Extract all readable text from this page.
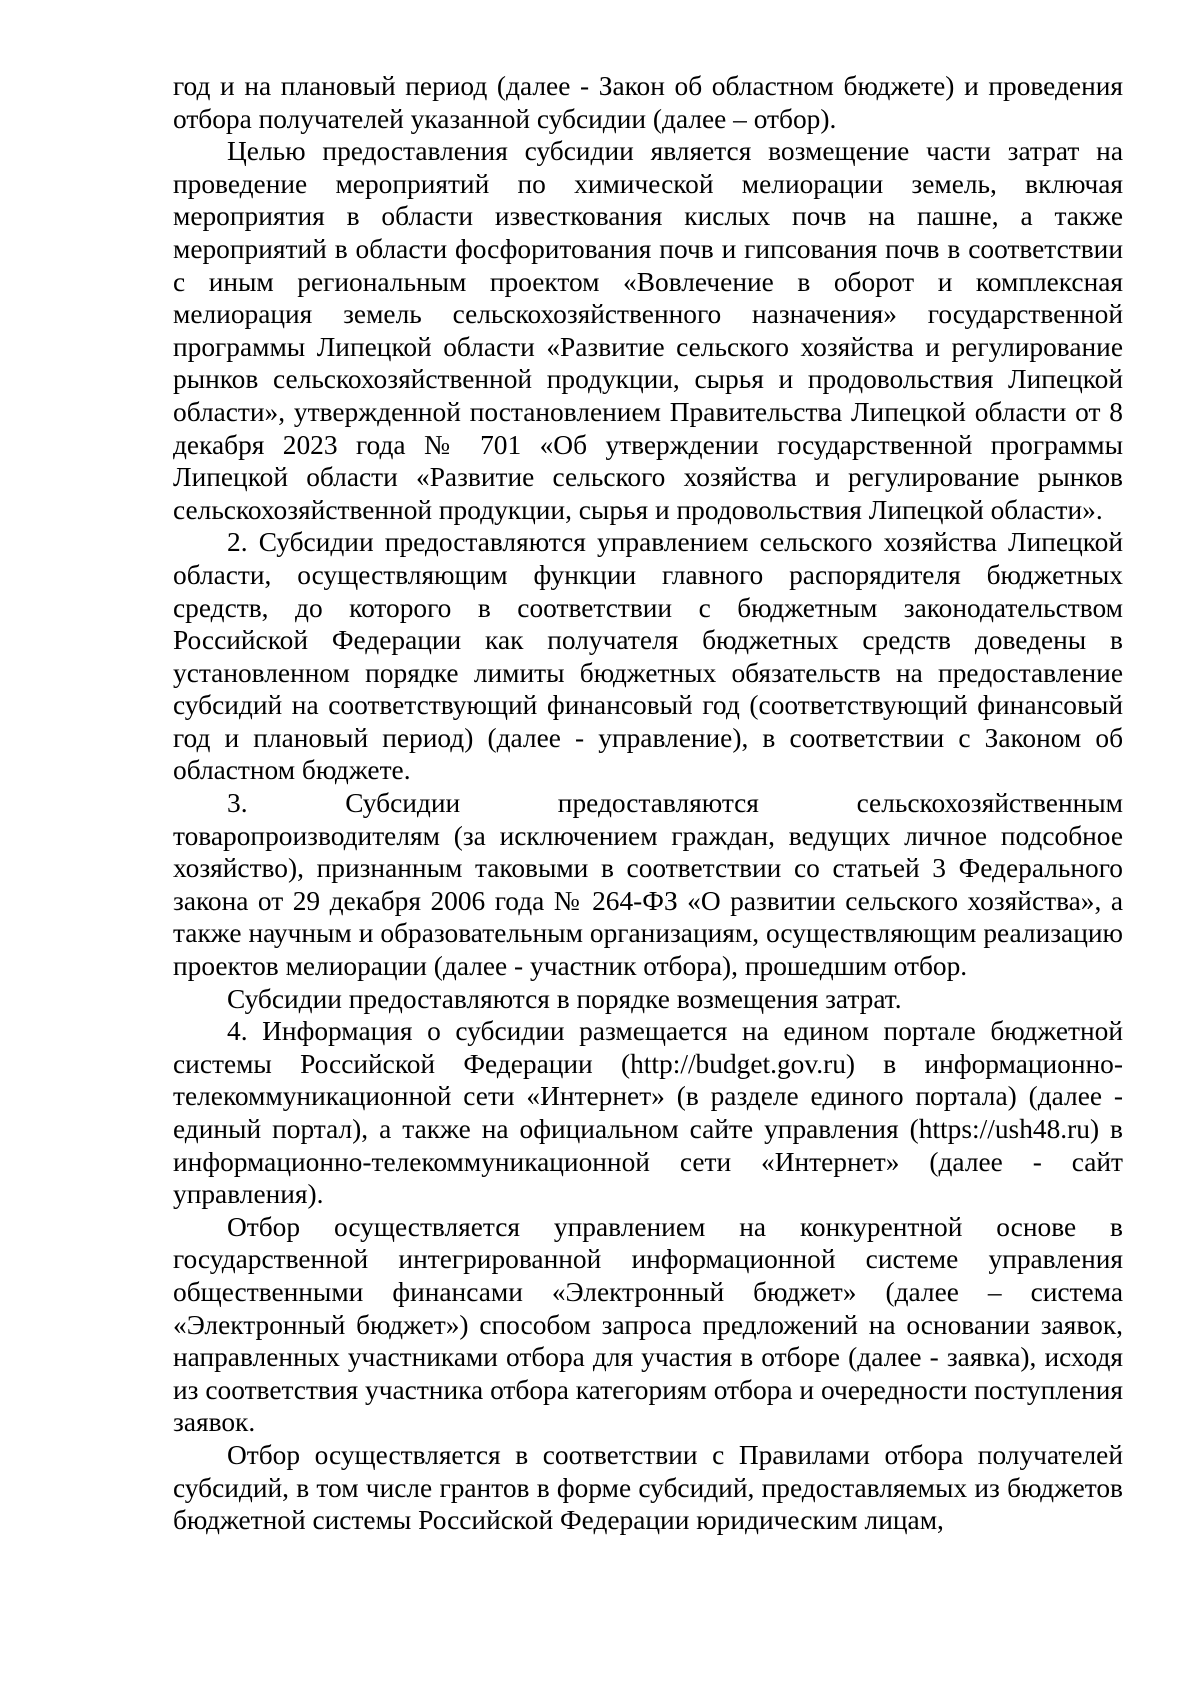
год и на плановый период (далее - Закон об областном бюджете) и проведения отбора получателей указанной субсидии (далее – отбор).

Целью предоставления субсидии является возмещение части затрат на проведение мероприятий по химической мелиорации земель, включая мероприятия в области известкования кислых почв на пашне, а также мероприятий в области фосфоритования почв и гипсования почв в соответствии с иным региональным проектом «Вовлечение в оборот и комплексная мелиорация земель сельскохозяйственного назначения» государственной программы Липецкой области «Развитие сельского хозяйства и регулирование рынков сельскохозяйственной продукции, сырья и продовольствия Липецкой области», утвержденной постановлением Правительства Липецкой области от 8 декабря 2023 года № 701 «Об утверждении государственной программы Липецкой области «Развитие сельского хозяйства и регулирование рынков сельскохозяйственной продукции, сырья и продовольствия Липецкой области».

2. Субсидии предоставляются управлением сельского хозяйства Липецкой области, осуществляющим функции главного распорядителя бюджетных средств, до которого в соответствии с бюджетным законодательством Российской Федерации как получателя бюджетных средств доведены в установленном порядке лимиты бюджетных обязательств на предоставление субсидий на соответствующий финансовый год (соответствующий финансовый год и плановый период) (далее - управление), в соответствии с Законом об областном бюджете.

3. Субсидии предоставляются сельскохозяйственным товаропроизводителям (за исключением граждан, ведущих личное подсобное хозяйство), признанным таковыми в соответствии со статьей 3 Федерального закона от 29 декабря 2006 года № 264-ФЗ «О развитии сельского хозяйства», а также научным и образовательным организациям, осуществляющим реализацию проектов мелиорации (далее - участник отбора), прошедшим отбор.

Субсидии предоставляются в порядке возмещения затрат.

4. Информация о субсидии размещается на едином портале бюджетной системы Российской Федерации (http://budget.gov.ru) в информационно-телекоммуникационной сети «Интернет» (в разделе единого портала) (далее - единый портал), а также на официальном сайте управления (https://ush48.ru) в информационно-телекоммуникационной сети «Интернет» (далее - сайт управления).

Отбор осуществляется управлением на конкурентной основе в государственной интегрированной информационной системе управления общественными финансами «Электронный бюджет» (далее – система «Электронный бюджет») способом запроса предложений на основании заявок, направленных участниками отбора для участия в отборе (далее - заявка), исходя из соответствия участника отбора категориям отбора и очередности поступления заявок.

Отбор осуществляется в соответствии с Правилами отбора получателей субсидий, в том числе грантов в форме субсидий, предоставляемых из бюджетов бюджетной системы Российской Федерации юридическим лицам,
